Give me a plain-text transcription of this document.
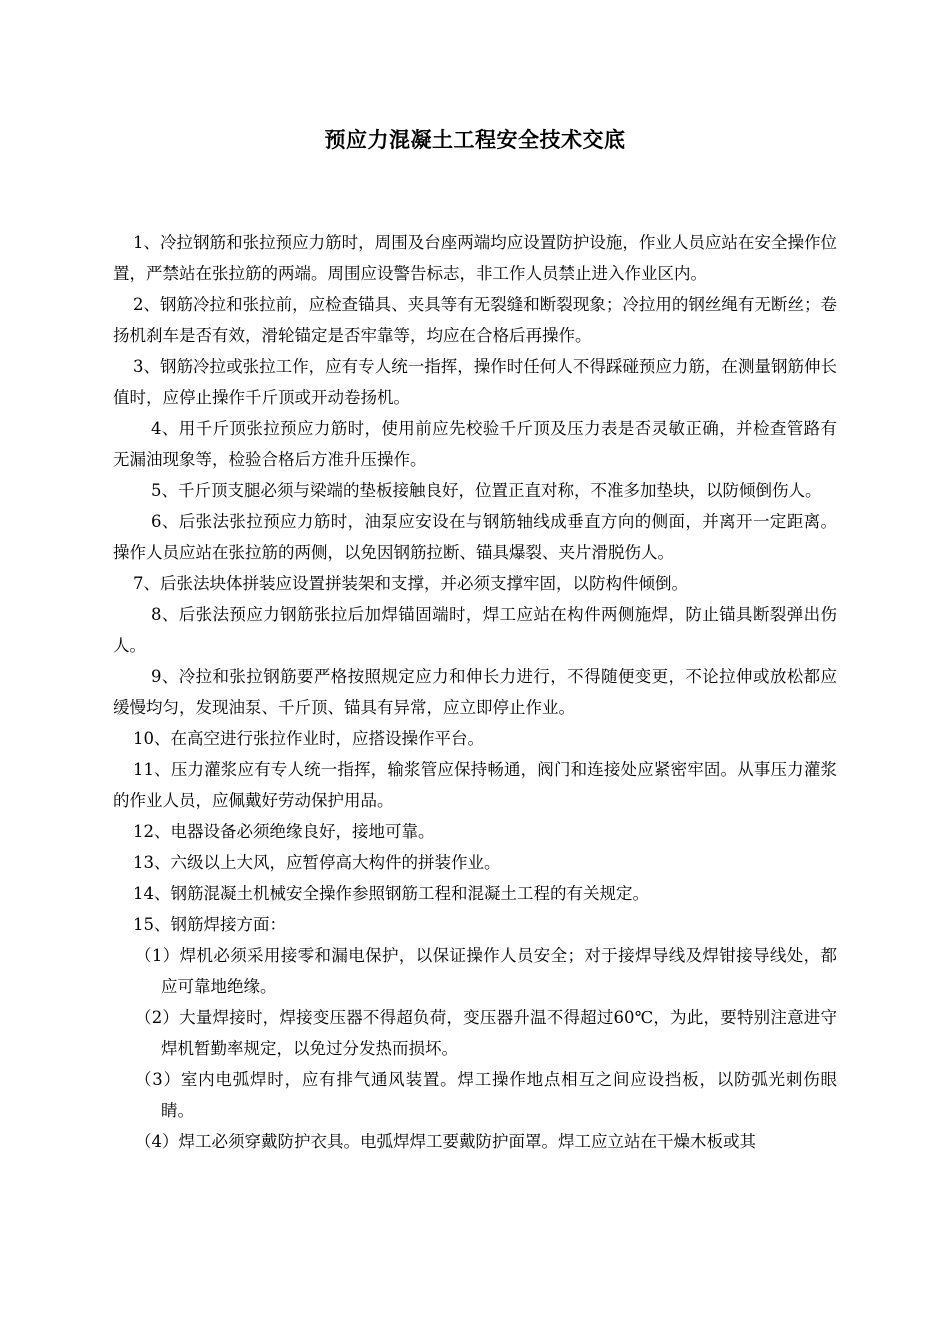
预应力混凝土工程安全技术交底

1、冷拉钢筋和张拉预应力筋时，周围及台座两端均应设置防护设施，作业人员应站在安全操作位置，严禁站在张拉筋的两端。周围应设警告标志，非工作人员禁止进入作业区内。

2、钢筋冷拉和张拉前，应检查锚具、夹具等有无裂缝和断裂现象；冷拉用的钢丝绳有无断丝；卷扬机刹车是否有效，滑轮锚定是否牢靠等，均应在合格后再操作。

3、钢筋冷拉或张拉工作，应有专人统一指挥，操作时任何人不得踩碰预应力筋，在测量钢筋伸长值时，应停止操作千斤顶或开动卷扬机。

4、用千斤顶张拉预应力筋时，使用前应先校验千斤顶及压力表是否灵敏正确，并检查管路有无漏油现象等，检验合格后方准升压操作。

5、千斤顶支腿必须与梁端的垫板接触良好，位置正直对称，不准多加垫块，以防倾倒伤人。

6、后张法张拉预应力筋时，油泵应安设在与钢筋轴线成垂直方向的侧面，并离开一定距离。操作人员应站在张拉筋的两侧，以免因钢筋拉断、锚具爆裂、夹片滑脱伤人。

7、后张法块体拼装应设置拼装架和支撑，并必须支撑牢固，以防构件倾倒。

8、后张法预应力钢筋张拉后加焊锚固端时，焊工应站在构件两侧施焊，防止锚具断裂弹出伤人。

9、冷拉和张拉钢筋要严格按照规定应力和伸长力进行，不得随便变更，不论拉伸或放松都应缓慢均匀，发现油泵、千斤顶、锚具有异常，应立即停止作业。

10、在高空进行张拉作业时，应搭设操作平台。

11、压力灌浆应有专人统一指挥，输浆管应保持畅通，阀门和连接处应紧密牢固。从事压力灌浆的作业人员，应佩戴好劳动保护用品。

12、电器设备必须绝缘良好，接地可靠。

13、六级以上大风，应暂停高大构件的拼装作业。

14、钢筋混凝土机械安全操作参照钢筋工程和混凝土工程的有关规定。

15、钢筋焊接方面：

（1）焊机必须采用接零和漏电保护，以保证操作人员安全；对于接焊导线及焊钳接导线处，都应可靠地绝缘。

（2）大量焊接时，焊接变压器不得超负荷，变压器升温不得超过60℃，为此，要特别注意进守焊机暂勤率规定，以免过分发热而损坏。

（3）室内电弧焊时，应有排气通风装置。焊工操作地点相互之间应设挡板，以防弧光刺伤眼睛。

（4）焊工必须穿戴防护衣具。电弧焊焊工要戴防护面罩。焊工应立站在干燥木板或其
